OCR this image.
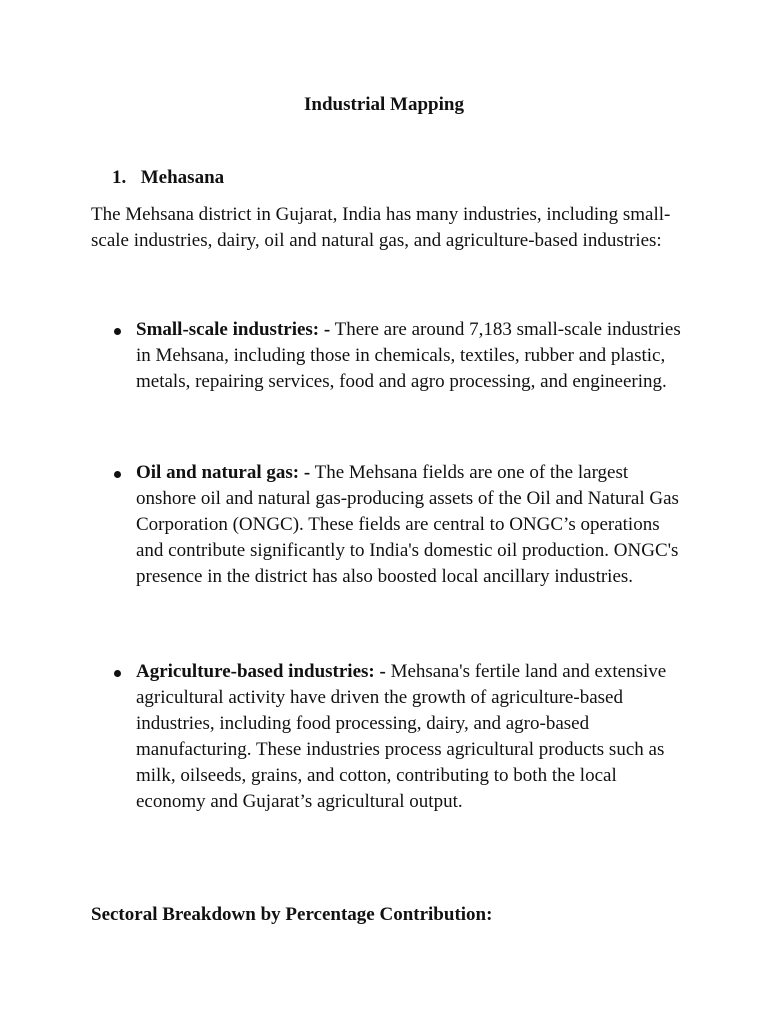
Industrial Mapping
1. Mehasana
The Mehsana district in Gujarat, India has many industries, including small-scale industries, dairy, oil and natural gas, and agriculture-based industries:
Small-scale industries: - There are around 7,183 small-scale industries in Mehsana, including those in chemicals, textiles, rubber and plastic, metals, repairing services, food and agro processing, and engineering.
Oil and natural gas: - The Mehsana fields are one of the largest onshore oil and natural gas-producing assets of the Oil and Natural Gas Corporation (ONGC). These fields are central to ONGC’s operations and contribute significantly to India's domestic oil production. ONGC's presence in the district has also boosted local ancillary industries.
Agriculture-based industries: - Mehsana's fertile land and extensive agricultural activity have driven the growth of agriculture-based industries, including food processing, dairy, and agro-based manufacturing. These industries process agricultural products such as milk, oilseeds, grains, and cotton, contributing to both the local economy and Gujarat’s agricultural output.
Sectoral Breakdown by Percentage Contribution:
